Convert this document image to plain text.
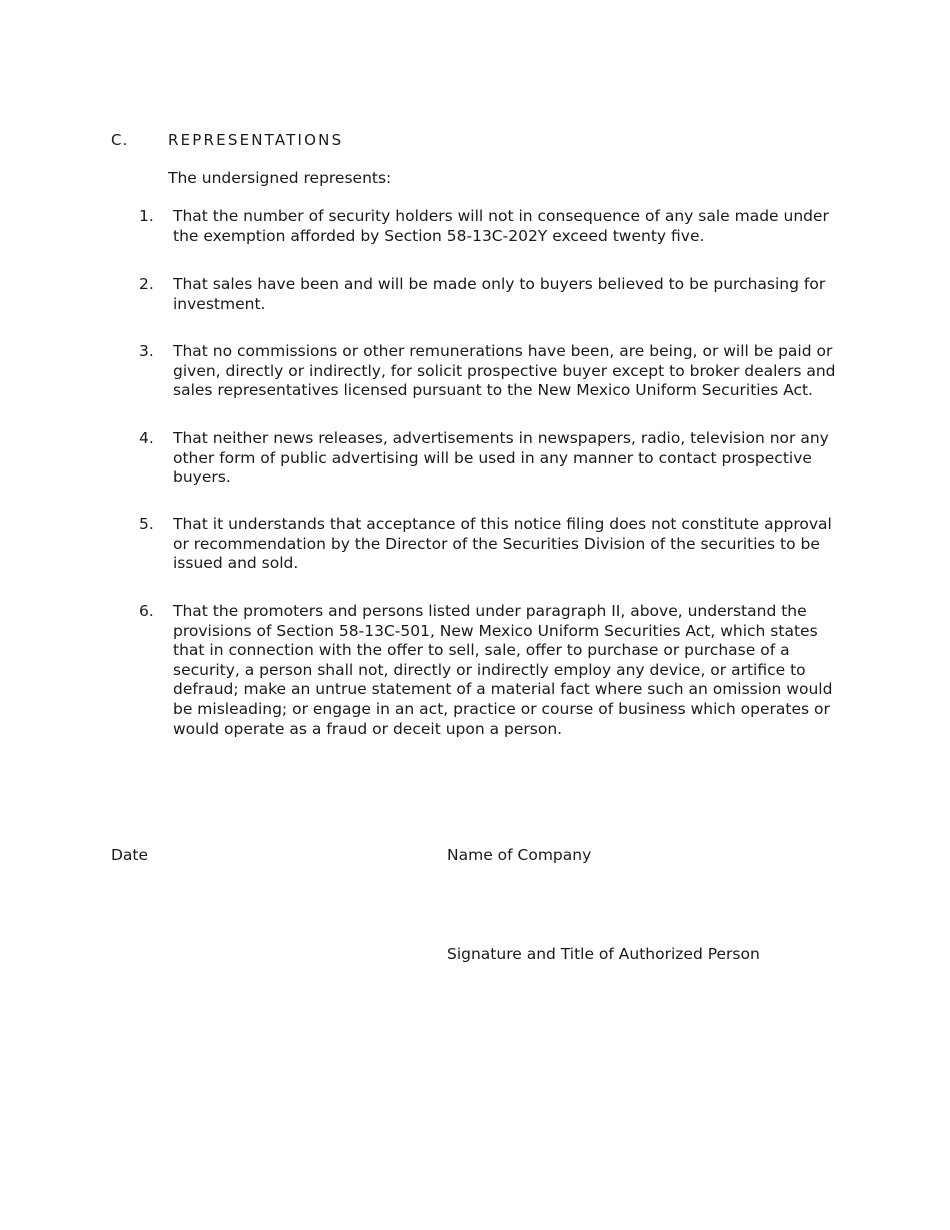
C.	REPRESENTATIONS
The undersigned represents:
1. That the number of security holders will not in consequence of any sale made under the exemption afforded by Section 58-13C-202Y exceed twenty five.
2. That sales have been and will be made only to buyers believed to be purchasing for investment.
3. That no commissions or other remunerations have been, are being, or will be paid or given, directly or indirectly, for solicit prospective buyer except to broker dealers and sales representatives licensed pursuant to the New Mexico Uniform Securities Act.
4. That neither news releases, advertisements in newspapers, radio, television nor any other form of public advertising will be used in any manner to contact prospective buyers.
5. That it understands that acceptance of this notice filing does not constitute approval or recommendation by the Director of the Securities Division of the securities to be issued and sold.
6. That the promoters and persons listed under paragraph II, above, understand the provisions of Section 58-13C-501, New Mexico Uniform Securities Act, which states that in connection with the offer to sell, sale, offer to purchase or purchase of a security, a person shall not, directly or indirectly employ any device, or artifice to defraud; make an untrue statement of a material fact where such an omission would be misleading; or engage in an act, practice or course of business which operates or would operate as a fraud or deceit upon a person.
__________________
Date
__________________________________
Name of Company
__________________________________
Signature and Title of Authorized Person
